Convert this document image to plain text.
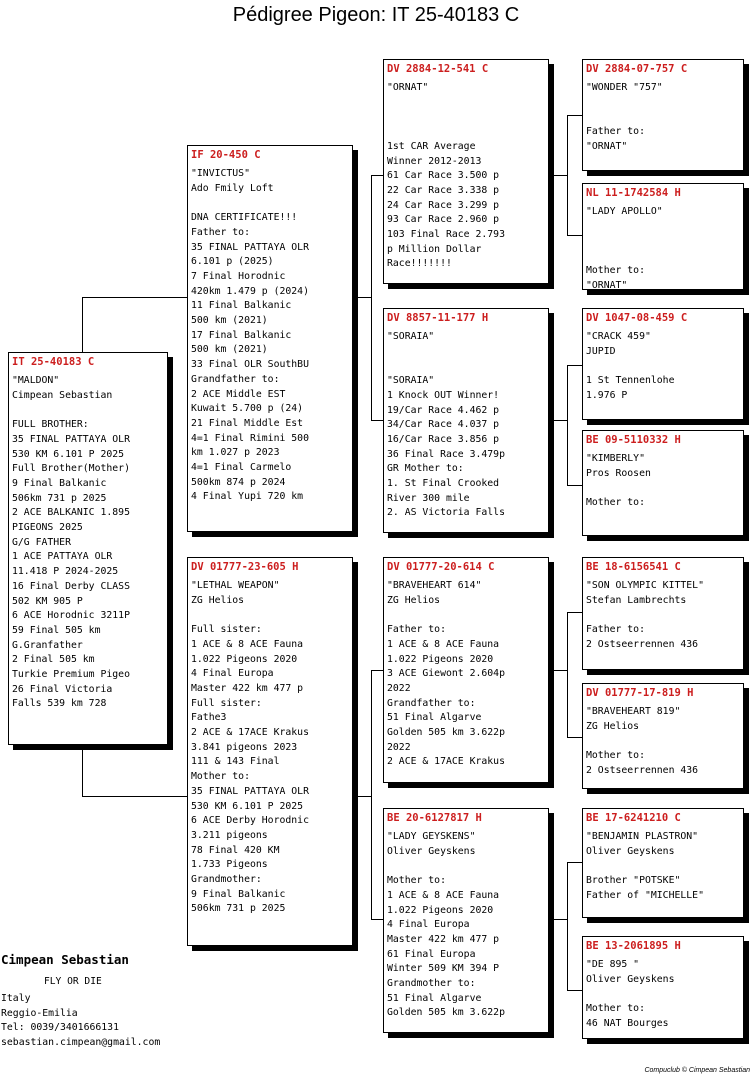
Pédigree Pigeon: IT 25-40183 C
IT 25-40183 C
"MALDON"
Cimpean Sebastian

FULL BROTHER:
35 FINAL PATTAYA OLR
530 KM 6.101 P 2025
Full Brother(Mother)
9 Final Balkanic
506km 731 p 2025
2 ACE BALKANIC 1.895
PIGEONS 2025
G/G FATHER
1 ACE PATTAYA OLR
11.418 P 2024-2025
16 Final Derby CLASS
502 KM 905 P
6 ACE Horodnic 3211P
59 Final 505 km
G.Granfather
2 Final 505 km
Turkie Premium Pigeo
26 Final Victoria
Falls 539 km 728
IF 20-450 C
"INVICTUS"
Ado Fmily Loft

DNA CERTIFICATE!!!
Father to:
35 FINAL PATTAYA OLR
6.101 p (2025)
7 Final Horodnic
420km 1.479 p (2024)
11 Final Balkanic
500 km (2021)
17 Final Balkanic
500 km (2021)
33 Final OLR SouthBU
Grandfather to:
2 ACE Middle EST
Kuwait 5.700 p (24)
21 Final Middle Est
4=1 Final Rimini 500
km 1.027 p 2023
4=1 Final Carmelo
500km 874 p 2024
4 Final Yupi 720 km
DV 01777-23-605 H
"LETHAL WEAPON"
ZG Helios

Full sister:
1 ACE & 8 ACE Fauna
1.022 Pigeons 2020
4 Final Europa
Master 422 km 477 p
Full sister:
Fathe3
2 ACE & 17ACE Krakus
3.841 pigeons 2023
111 & 143 Final
Mother to:
35 FINAL PATTAYA OLR
530 KM 6.101 P 2025
6 ACE Derby Horodnic
3.211 pigeons
78 Final 420 KM
1.733 Pigeons
Grandmother:
9 Final Balkanic
506km 731 p 2025
DV 2884-12-541 C
"ORNAT"

1st CAR Average
Winner 2012-2013
61 Car Race 3.500 p
22 Car Race 3.338 p
24 Car Race 3.299 p
93 Car Race 2.960 p
103 Final Race 2.793
p Million Dollar
Race!!!!!!!
DV 8857-11-177 H
"SORAIA"

"SORAIA"
1 Knock OUT Winner!
19/Car Race 4.462 p
34/Car Race 4.037 p
16/Car Race 3.856 p
36 Final Race 3.479p
GR Mother to:
1. St Final Crooked
River 300 mile
2. AS Victoria Falls
DV 01777-20-614 C
"BRAVEHEART 614"
ZG Helios

Father to:
1 ACE & 8 ACE Fauna
1.022 Pigeons 2020
3 ACE Giewont 2.604p
2022
Grandfather to:
51 Final Algarve
Golden 505 km 3.622p
2022
2 ACE & 17ACE Krakus
BE 20-6127817 H
"LADY GEYSKENS"
Oliver Geyskens

Mother to:
1 ACE & 8 ACE Fauna
1.022 Pigeons 2020
4 Final Europa
Master 422 km 477 p
61 Final Europa
Winter 509 KM 394 P
Grandmother to:
51 Final Algarve
Golden 505 km 3.622p
DV 2884-07-757 C
"WONDER "757"

Father to:
"ORNAT"
NL 11-1742584 H
"LADY APOLLO"

Mother to:
"ORNAT"
DV 1047-08-459 C
"CRACK 459"
JUPID

1 St Tennenlohe
1.976 P
BE 09-5110332 H
"KIMBERLY"
Pros Roosen

Mother to:
BE 18-6156541 C
"SON OLYMPIC KITTEL"
Stefan Lambrechts

Father to:
2 Ostseerrennen 436
DV 01777-17-819 H
"BRAVEHEART 819"
ZG Helios

Mother to:
2 Ostseerrennen 436
BE 17-6241210 C
"BENJAMIN PLASTRON"
Oliver Geyskens

Brother "POTSKE"
Father of "MICHELLE"
BE 13-2061895 H
"DE 895 "
Oliver Geyskens

Mother to:
46 NAT Bourges
Cimpean Sebastian
FLY OR DIE
Italy
Reggio-Emilia
Tel: 0039/3401666131
sebastian.cimpean@gmail.com
Compuclub © Cimpean Sebastian
